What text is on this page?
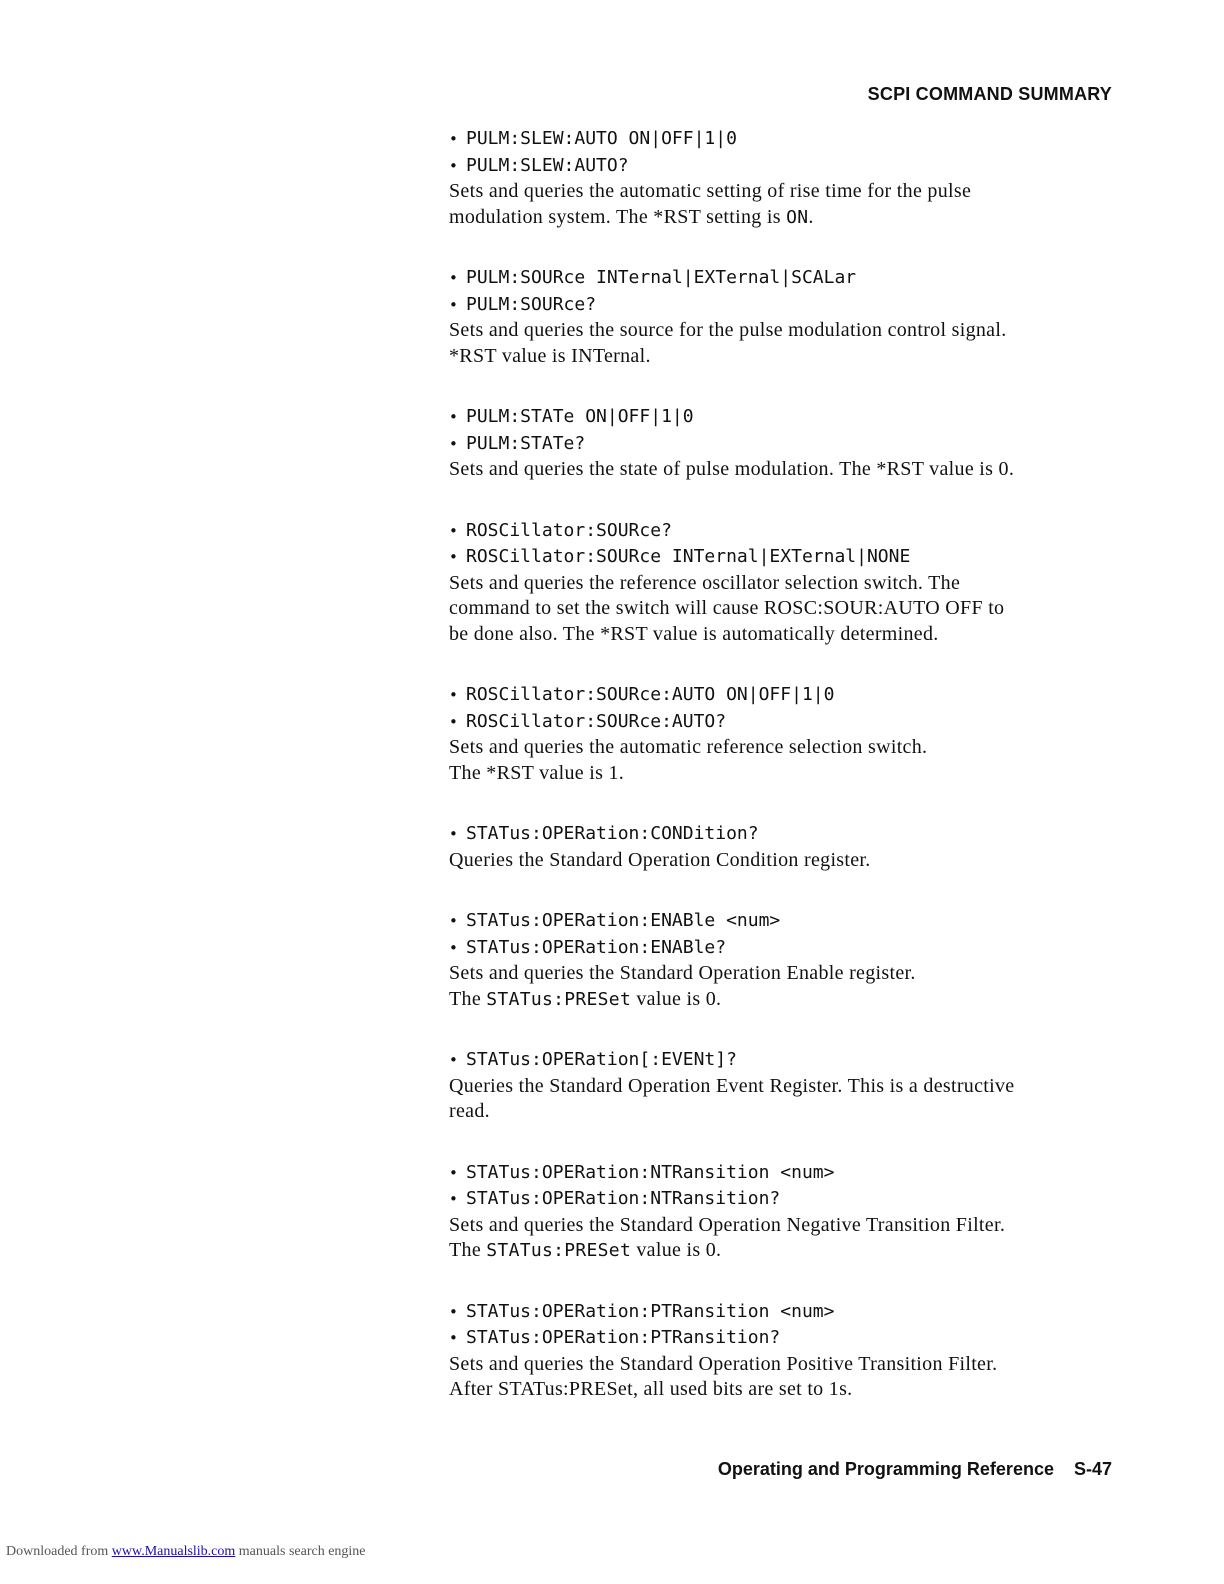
SCPI COMMAND SUMMARY
• PULM:SLEW:AUTO ON|OFF|1|0
• PULM:SLEW:AUTO?
Sets and queries the automatic setting of rise time for the pulse
modulation system. The *RST setting is ON.
• PULM:SOURce INTernal|EXTernal|SCALar
• PULM:SOURce?
Sets and queries the source for the pulse modulation control signal.
*RST value is INTernal.
• PULM:STATe ON|OFF|1|0
• PULM:STATe?
Sets and queries the state of pulse modulation. The *RST value is 0.
• ROSCillator:SOURce?
• ROSCillator:SOURce INTernal|EXTernal|NONE
Sets and queries the reference oscillator selection switch. The
command to set the switch will cause ROSC:SOUR:AUTO OFF to
be done also. The *RST value is automatically determined.
• ROSCillator:SOURce:AUTO ON|OFF|1|0
• ROSCillator:SOURce:AUTO?
Sets and queries the automatic reference selection switch.
The *RST value is 1.
• STATus:OPERation:CONDition?
Queries the Standard Operation Condition register.
• STATus:OPERation:ENABle <num>
• STATus:OPERation:ENABle?
Sets and queries the Standard Operation Enable register.
The STATus:PRESet value is 0.
• STATus:OPERation[:EVENt]?
Queries the Standard Operation Event Register. This is a destructive
read.
• STATus:OPERation:NTRansition <num>
• STATus:OPERation:NTRansition?
Sets and queries the Standard Operation Negative Transition Filter.
The STATus:PRESet value is 0.
• STATus:OPERation:PTRansition <num>
• STATus:OPERation:PTRansition?
Sets and queries the Standard Operation Positive Transition Filter.
After STATus:PRESet, all used bits are set to 1s.
Operating and Programming Reference S-47
Downloaded from www.Manualslib.com manuals search engine
